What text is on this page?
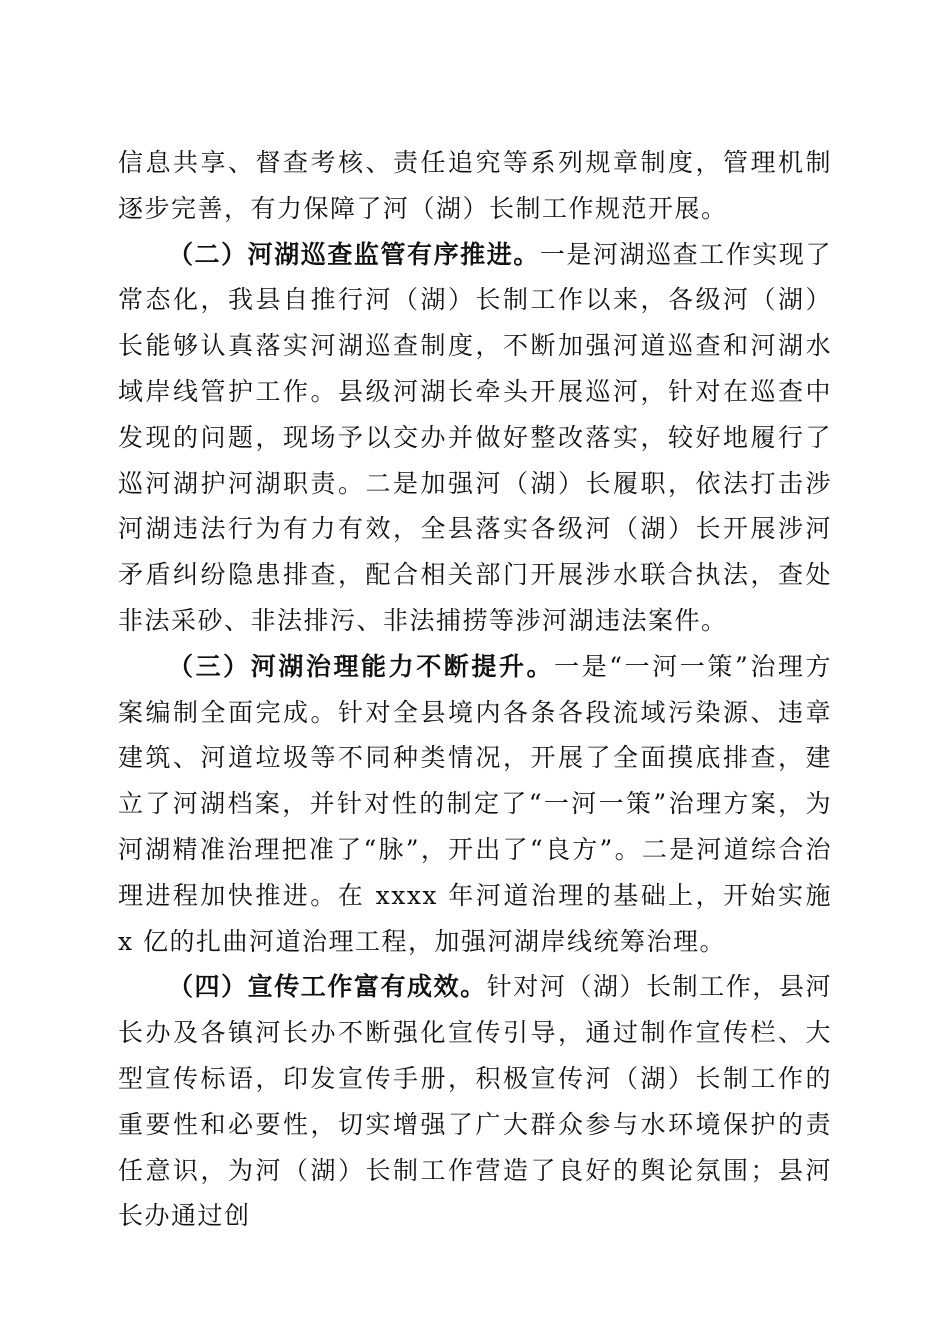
信息共享、督查考核、责任追究等系列规章制度，管理机制逐步完善，有力保障了河（湖）长制工作规范开展。

（二）河湖巡查监管有序推进。一是河湖巡查工作实现了常态化，我县自推行河（湖）长制工作以来，各级河（湖）长能够认真落实河湖巡查制度，不断加强河道巡查和河湖水域岸线管护工作。县级河湖长牵头开展巡河，针对在巡查中发现的问题，现场予以交办并做好整改落实，较好地履行了巡河湖护河湖职责。二是加强河（湖）长履职，依法打击涉河湖违法行为有力有效，全县落实各级河（湖）长开展涉河矛盾纠纷隐患排查，配合相关部门开展涉水联合执法，查处非法采砂、非法排污、非法捕捞等涉河湖违法案件。

（三）河湖治理能力不断提升。一是“一河一策”治理方案编制全面完成。针对全县境内各条各段流域污染源、违章建筑、河道垃圾等不同种类情况，开展了全面摸底排查，建立了河湖档案，并针对性的制定了“一河一策”治理方案，为河湖精准治理把准了“脉”，开出了“良方”。二是河道综合治理进程加快推进。在 xxxx 年河道治理的基础上，开始实施 x 亿的扎曲河道治理工程，加强河湖岸线统筹治理。

（四）宣传工作富有成效。针对河（湖）长制工作，县河长办及各镇河长办不断强化宣传引导，通过制作宣传栏、大型宣传标语，印发宣传手册，积极宣传河（湖）长制工作的重要性和必要性，切实增强了广大群众参与水环境保护的责任意识，为河（湖）长制工作营造了良好的舆论氛围；县河长办通过创
